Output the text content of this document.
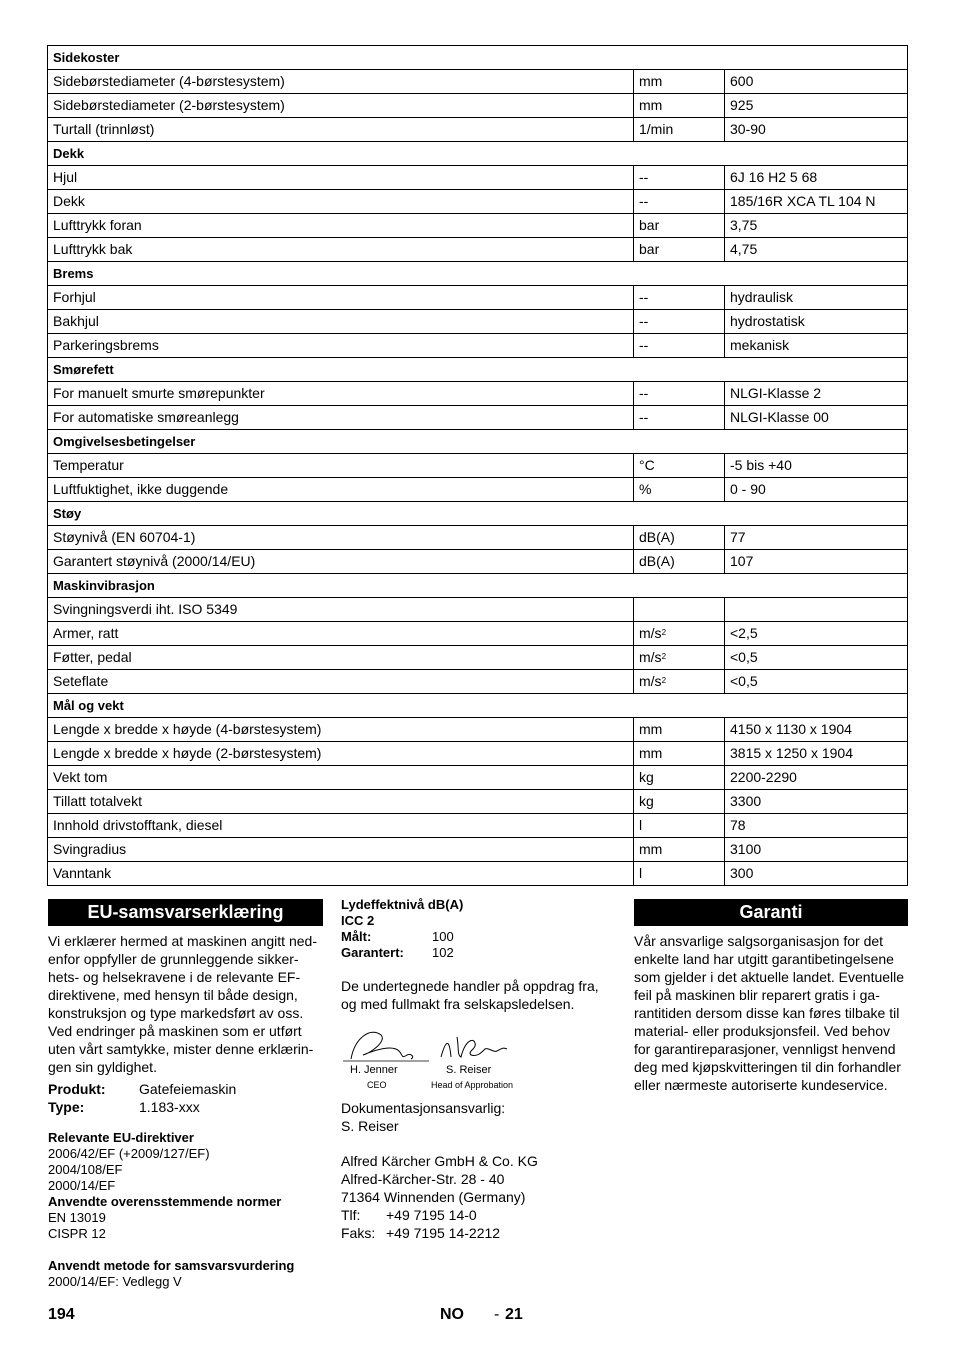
Sidekoster		
Sidebørstediameter (4-børstesystem)	mm	600
Sidebørstediameter (2-børstesystem)	mm	925
Turtall (trinnløst)	1/min	30-90
Dekk		
Hjul	--	6J 16 H2 5 68
Dekk	--	185/16R XCA TL 104 N
Lufttrykk foran	bar	3,75
Lufttrykk bak	bar	4,75
Brems		
Forhjul	--	hydraulisk
Bakhjul	--	hydrostatisk
Parkeringsbrems	--	mekanisk
Smørefett		
For manuelt smurte smørepunkter	--	NLGI-Klasse 2
For automatiske smøreanlegg	--	NLGI-Klasse 00
Omgivelsesbetingelser		
Temperatur	°C	-5 bis +40
Luftfuktighet, ikke duggende	%	0 - 90
Støy		
Støynivå (EN 60704-1)	dB(A)	77
Garantert støynivå (2000/14/EU)	dB(A)	107
Maskinvibrasjon		
Svingningsverdi iht. ISO 5349		
Armer, ratt	$m/s^2$	<2,5
Føtter, pedal	$m/s^2$	<0,5
Seteflate	$m/s^2$	<0,5
Mål og vekt		
Lengde x bredde x høyde (4-børstesystem)	mm	4150 x 1130 x 1904
Lengde x bredde x høyde (2-børstesystem)	mm	3815 x 1250 x 1904
Vekt tom	kg	2200-2290
Tillatt totalvekt	kg	3300
Innhold drivstofftank, diesel	l	78
Svingradius	mm	3100
Vanntank	l	300
EU-samsvarserklæring
Vi erklærer hermed at maskinen angitt ned-
enfor oppfyller de grunnleggende sikker-
hets- og helsekravene i de relevante EF-
direktivene, med hensyn til både design,
konstruksjon og type markedsført av oss.
Ved endringer på maskinen som er utført
uten vårt samtykke, mister denne erklærin-
gen sin gyldighet.
Produkt:	Gatefeiemaskin
Type:	1.183-xxx
Relevante EU-direktiver
2006/42/EF (+2009/127/EF)
2004/108/EF
2000/14/EF
Anvendte overensstemmende normer
EN 13019
CISPR 12
Anvendt metode for samsvarsvurdering
2000/14/EF: Vedlegg V
Lydeffektnivå dB(A)
ICC 2
Målt:	100
Garantert:	102
De undertegnede handler på oppdrag fra,
og med fullmakt fra selskapsledelsen.
H. Jenner
CEO
S. Reiser
Head of Approbation
Dokumentasjonsansvarlig:
S. Reiser
Alfred Kärcher GmbH & Co. KG
Alfred-Kärcher-Str. 28 - 40
71364 Winnenden (Germany)
Tlf:	+49 7195 14-0
Faks: +49 7195 14-2212
Garanti
Vår ansvarlige salgsorganisasjon for det
enkelte land har utgitt garantibetingelsene
som gjelder i det aktuelle landet. Eventuelle
feil på maskinen blir reparert gratis i ga-
rantitiden dersom disse kan føres tilbake til
material- eller produksjonsfeil. Ved behov
for garantireparasjoner, vennligst henvend
deg med kjøpskvitteringen til din forhandler
eller nærmeste autoriserte kundeservice.
194	NO - 21
